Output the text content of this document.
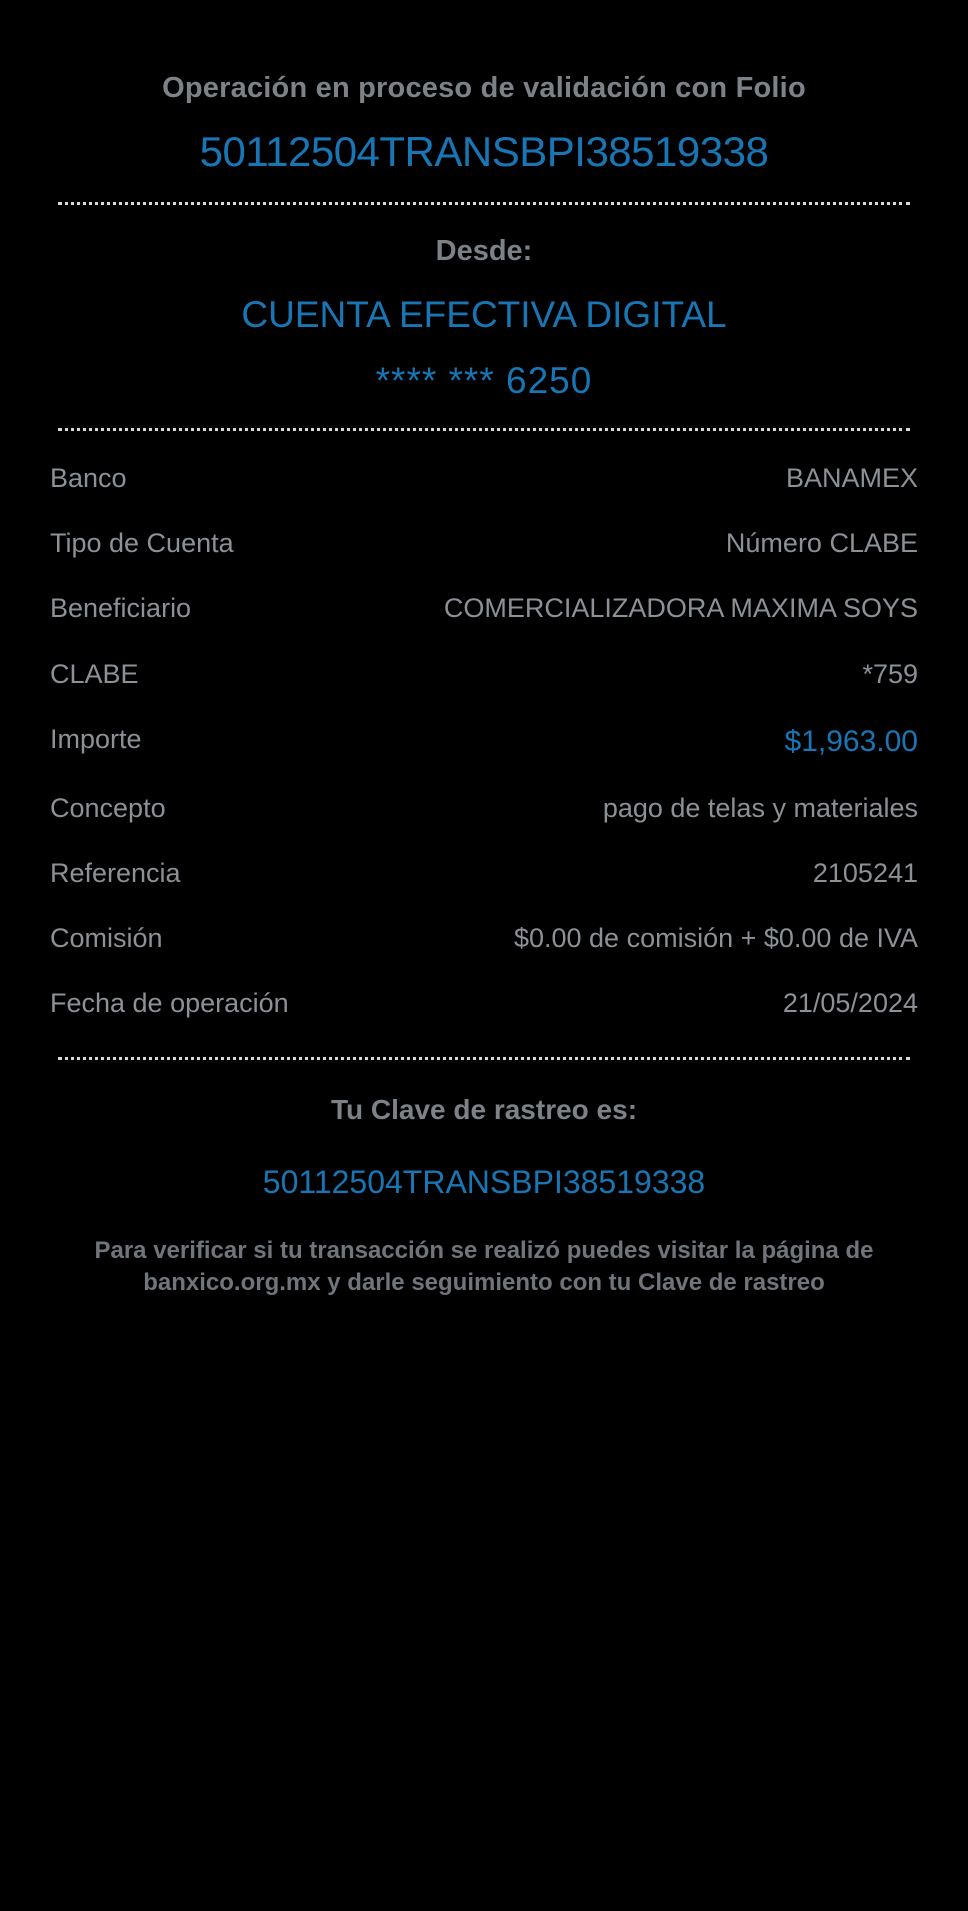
Operación en proceso de validación con Folio
50112504TRANSBPI38519338
Desde:
CUENTA EFECTIVA DIGITAL
**** *** 6250
Banco	BANAMEX
Tipo de Cuenta	Número CLABE
Beneficiario	COMERCIALIZADORA MAXIMA SOYS
CLABE	*759
Importe	$1,963.00
Concepto	pago de telas y materiales
Referencia	2105241
Comisión	$0.00 de comisión + $0.00 de IVA
Fecha de operación	21/05/2024
Tu Clave de rastreo es:
50112504TRANSBPI38519338
Para verificar si tu transacción se realizó puedes visitar la página de banxico.org.mx y darle seguimiento con tu Clave de rastreo
